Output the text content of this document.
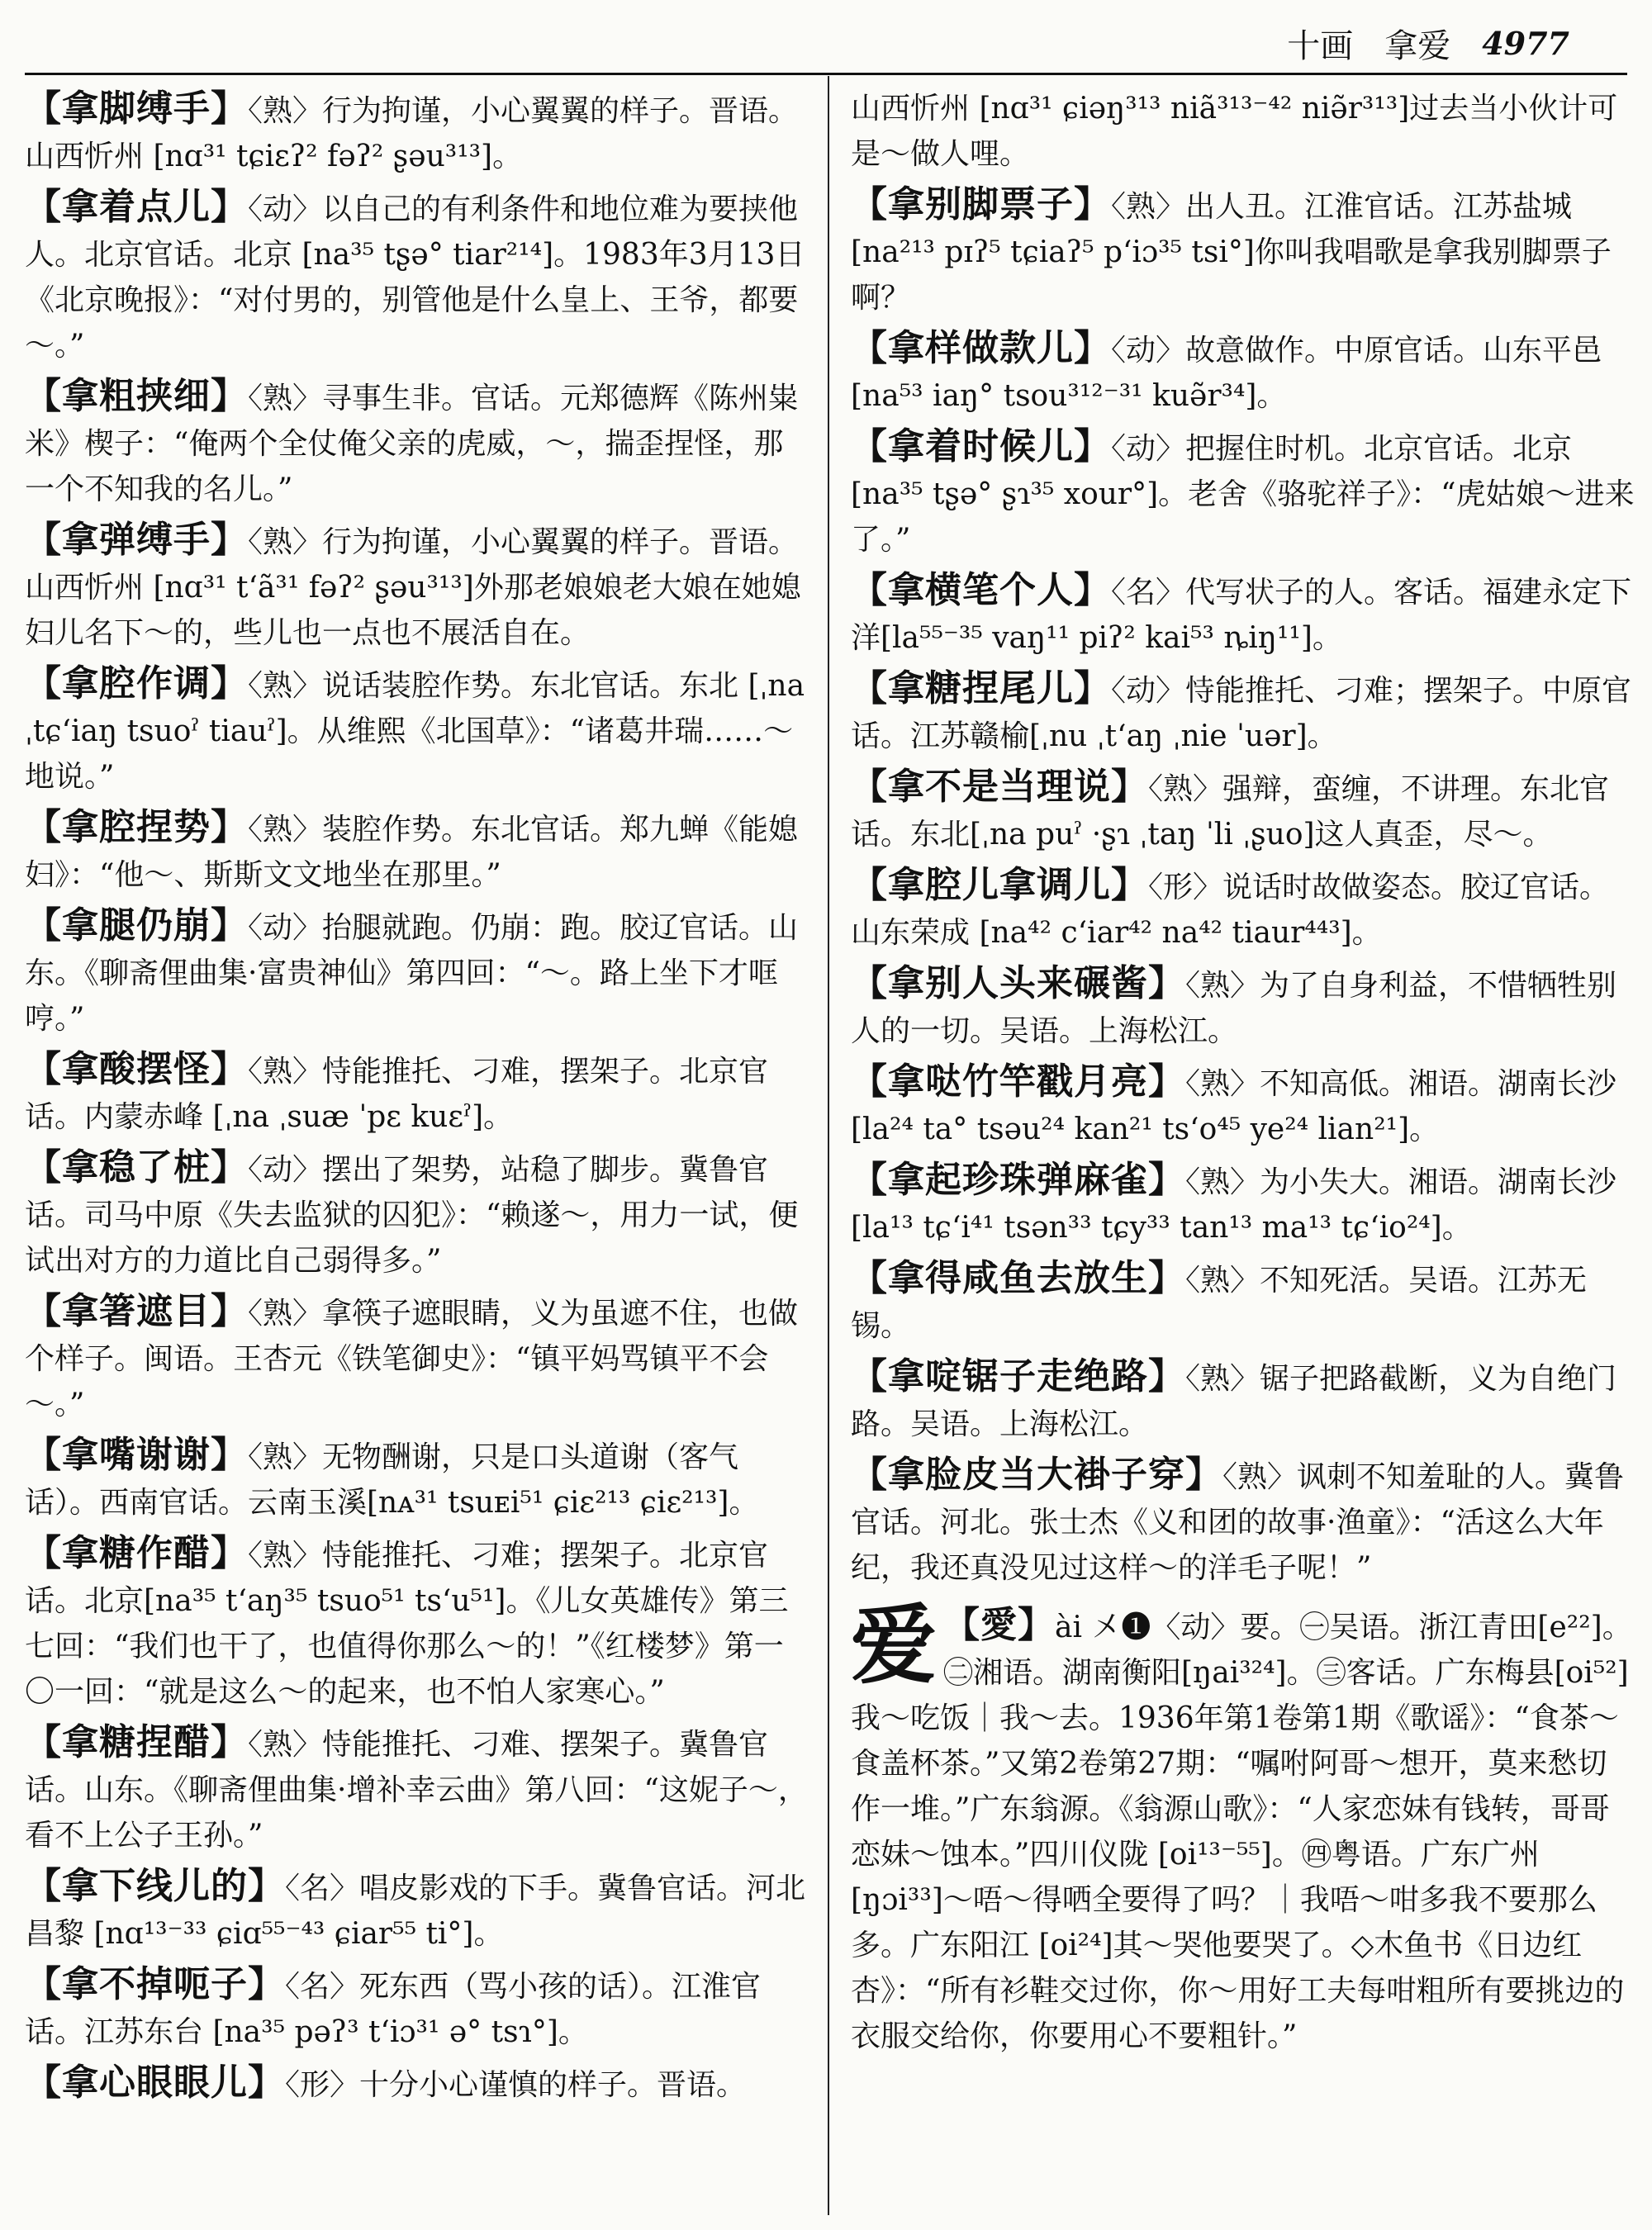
十画 拿爱 4977
【拿脚缚手】〈熟〉行为拘谨，小心翼翼的样子。晋语。山西忻州 [nɑ³¹ tɕiɛʔ² fəʔ² ʂəu³¹³]。
【拿着点儿】〈动〉以自己的有利条件和地位难为要挟他人。北京官话。北京 [na³⁵ tʂə° tiar²¹⁴]。1983年3月13日《北京晚报》：“对付男的，别管他是什么皇上、王爷，都要～。”
【拿粗挟细】〈熟〉寻事生非。官话。元郑德辉《陈州粜米》楔子：“俺两个全仗俺父亲的虎威，～，揣歪捏怪，那一个不知我的名儿。”
【拿弹缚手】〈熟〉行为拘谨，小心翼翼的样子。晋语。山西忻州 [nɑ³¹ tʻã³¹ fəʔ² ʂəu³¹³]外那老娘娘老大娘在她媳妇儿名下～的，些儿也一点也不展活自在。
【拿腔作调】〈熟〉说话装腔作势。东北官话。东北 [ˌna ˌtɕʻiaŋ tsuoˀ tiauˀ]。从维熙《北国草》：“诸葛井瑞……～地说。”
【拿腔捏势】〈熟〉装腔作势。东北官话。郑九蝉《能媳妇》：“他～、斯斯文文地坐在那里。”
【拿腿仍崩】〈动〉抬腿就跑。仍崩：跑。胶辽官话。山东。《聊斋俚曲集·富贵神仙》第四回：“～。路上坐下才哐哼。”
【拿酸摆怪】〈熟〉恃能推托、刁难，摆架子。北京官话。内蒙赤峰 [ˌna ˌsuæ ˈpɛ kuɛˀ]。
【拿稳了桩】〈动〉摆出了架势，站稳了脚步。冀鲁官话。司马中原《失去监狱的囚犯》：“赖遂～，用力一试，便试出对方的力道比自己弱得多。”
【拿箸遮目】〈熟〉拿筷子遮眼睛，义为虽遮不住，也做个样子。闽语。王杏元《铁笔御史》：“镇平妈骂镇平不会～。”
【拿嘴谢谢】〈熟〉无物酬谢，只是口头道谢（客气话）。西南官话。云南玉溪[nᴀ³¹ tsuᴇi⁵¹ ɕiɛ²¹³ ɕiɛ²¹³]。
【拿糖作醋】〈熟〉恃能推托、刁难；摆架子。北京官话。北京[na³⁵ tʻaŋ³⁵ tsuo⁵¹ tsʻu⁵¹]。《儿女英雄传》第三七回：“我们也干了，也值得你那么～的！”《红楼梦》第一〇一回：“就是这么～的起来，也不怕人家寒心。”
【拿糖捏醋】〈熟〉恃能推托、刁难、摆架子。冀鲁官话。山东。《聊斋俚曲集·增补幸云曲》第八回：“这妮子～，看不上公子王孙。”
【拿下线儿的】〈名〉唱皮影戏的下手。冀鲁官话。河北昌黎 [nɑ¹³⁻³³ ɕiɑ⁵⁵⁻⁴³ ɕiar⁵⁵ ti°]。
【拿不掉呃子】〈名〉死东西（骂小孩的话）。江淮官话。江苏东台 [na³⁵ pəʔ³ tʻiɔ³¹ ə° tsɿ°]。
【拿心眼眼儿】〈形〉十分小心谨慎的样子。晋语。
山西忻州 [nɑ³¹ ɕiəŋ³¹³ niã³¹³⁻⁴² niə̃r³¹³]过去当小伙计可是～做人哩。
【拿别脚票子】〈熟〉出人丑。江淮官话。江苏盐城 [na²¹³ pɪʔ⁵ tɕiaʔ⁵ pʻiɔ³⁵ tsi°]你叫我唱歌是拿我别脚票子啊？
【拿样做款儿】〈动〉故意做作。中原官话。山东平邑 [na⁵³ iaŋ° tsou³¹²⁻³¹ kuə̃r³⁴]。
【拿着时候儿】〈动〉把握住时机。北京官话。北京 [na³⁵ tʂə° ʂɿ³⁵ xour°]。老舍《骆驼祥子》：“虎姑娘～进来了。”
【拿横笔个人】〈名〉代写状子的人。客话。福建永定下洋[la⁵⁵⁻³⁵ vaŋ¹¹ piʔ² kai⁵³ ȵiŋ¹¹]。
【拿糖捏尾儿】〈动〉恃能推托、刁难；摆架子。中原官话。江苏赣榆[ˌnu ˌtʻaŋ ˌnie ˈuər]。
【拿不是当理说】〈熟〉强辩，蛮缠，不讲理。东北官话。东北[ˌna puˀ ·ʂɿ ˌtaŋ ˈli ˌʂuo]这人真歪，尽～。
【拿腔儿拿调儿】〈形〉说话时故做姿态。胶辽官话。山东荣成 [na⁴² cʻiar⁴² na⁴² tiaur⁴⁴³]。
【拿别人头来碾酱】〈熟〉为了自身利益，不惜牺牲别人的一切。吴语。上海松江。
【拿哒竹竿戳月亮】〈熟〉不知高低。湘语。湖南长沙 [la²⁴ ta° tsəu²⁴ kan²¹ tsʻo⁴⁵ ye²⁴ lian²¹]。
【拿起珍珠弹麻雀】〈熟〉为小失大。湘语。湖南长沙 [la¹³ tɕʻi⁴¹ tsən³³ tɕy³³ tan¹³ ma¹³ tɕʻio²⁴]。
【拿得咸鱼去放生】〈熟〉不知死活。吴语。江苏无锡。
【拿啶锯子走绝路】〈熟〉锯子把路截断，义为自绝门路。吴语。上海松江。
【拿脸皮当大褂子穿】〈熟〉讽刺不知羞耻的人。冀鲁官话。河北。张士杰《义和团的故事·渔童》：“活这么大年纪，我还真没见过这样～的洋毛子呢！”
爱 【愛】ài 㐅❶〈动〉要。㊀吴语。浙江青田[e²²]。㊁湘语。湖南衡阳[ŋai³²⁴]。㊂客话。广东梅县[oi⁵²]我～吃饭｜我～去。1936年第1卷第1期《歌谣》：“食茶～食盖杯茶。”又第2卷第27期：“嘱咐阿哥～想开，莫来愁切作一堆。”广东翁源。《翁源山歌》：“人家恋妹有钱转，哥哥恋妹～蚀本。”四川仪陇 [oi¹³⁻⁵⁵]。㊃粤语。广东广州 [ŋɔi³³]～唔～得哂全要得了吗？｜我唔～咁多我不要那么多。广东阳江 [oi²⁴]其～哭他要哭了。◇木鱼书《日边红杏》：“所有衫鞋交过你，你～用好工夫每咁粗所有要挑边的衣服交给你，你要用心不要粗针。”
